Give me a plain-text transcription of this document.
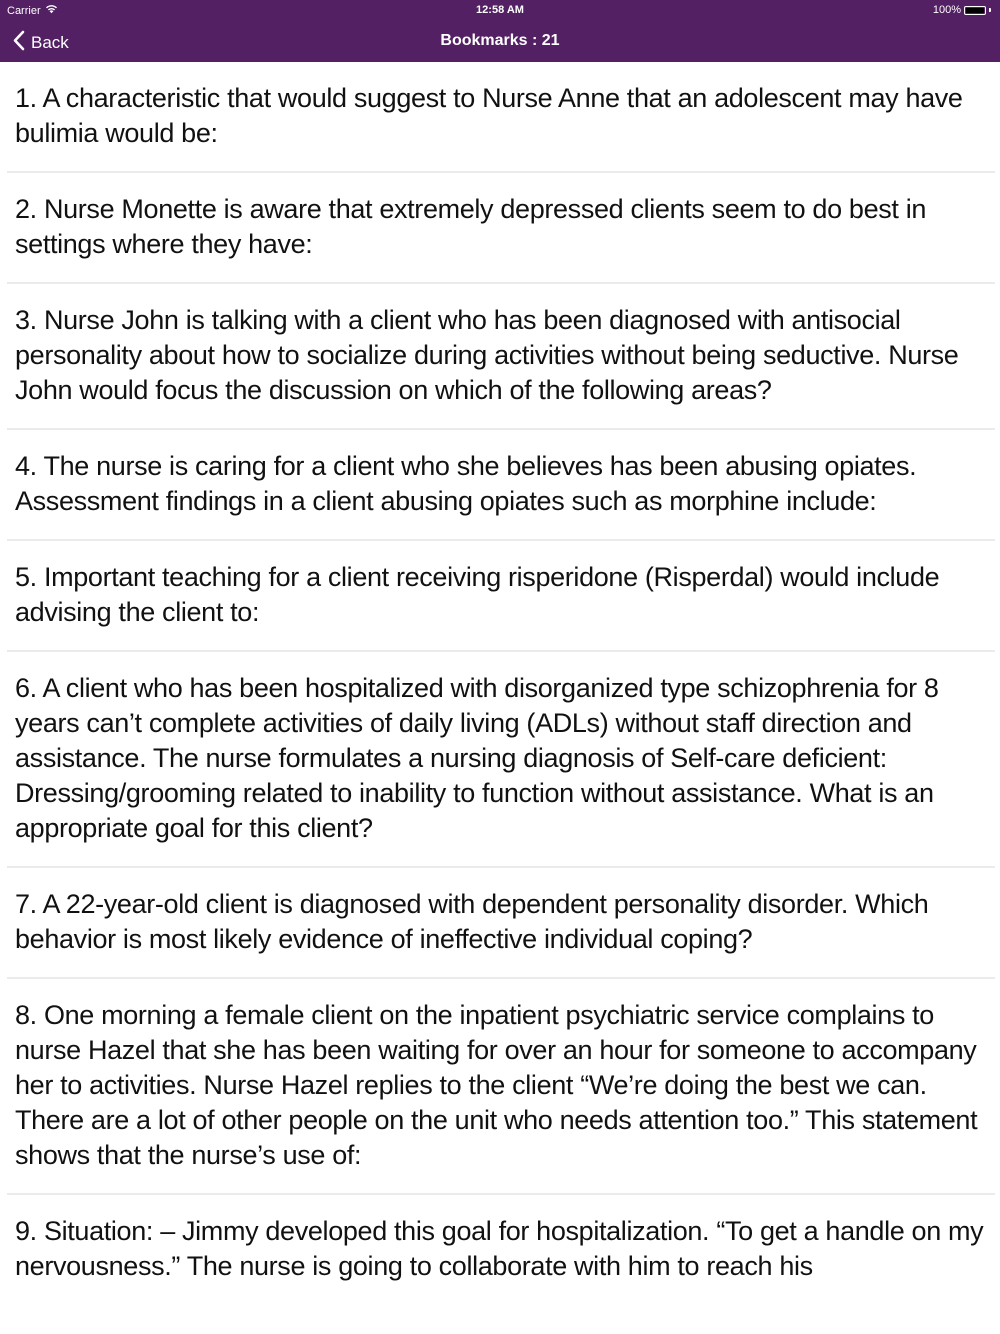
Carrier	12:58 AM	100%
Back	Bookmarks : 21
1. A characteristic that would suggest to Nurse Anne that an adolescent may have bulimia would be:
2. Nurse Monette is aware that extremely depressed clients seem to do best in settings where they have:
3. Nurse John is talking with a client who has been diagnosed with antisocial personality about how to socialize during activities without being seductive. Nurse John would focus the discussion on which of the following areas?
4. The nurse is caring for a client who she believes has been abusing opiates. Assessment findings in a client abusing opiates such as morphine include:
5. Important teaching for a client receiving risperidone (Risperdal) would include advising the client to:
6. A client who has been hospitalized with disorganized type schizophrenia for 8 years can’t complete activities of daily living (ADLs) without staff direction and assistance. The nurse formulates a nursing diagnosis of Self-care deficient: Dressing/grooming related to inability to function without assistance. What is an appropriate goal for this client?
7. A 22-year-old client is diagnosed with dependent personality disorder. Which behavior is most likely evidence of ineffective individual coping?
8. One morning a female client on the inpatient psychiatric service complains to nurse Hazel that she has been waiting for over an hour for someone to accompany her to activities. Nurse Hazel replies to the client “We’re doing the best we can. There are a lot of other people on the unit who needs attention too.” This statement shows that the nurse’s use of:
9. Situation: – Jimmy developed this goal for hospitalization. “To get a handle on my nervousness.” The nurse is going to collaborate with him to reach his
